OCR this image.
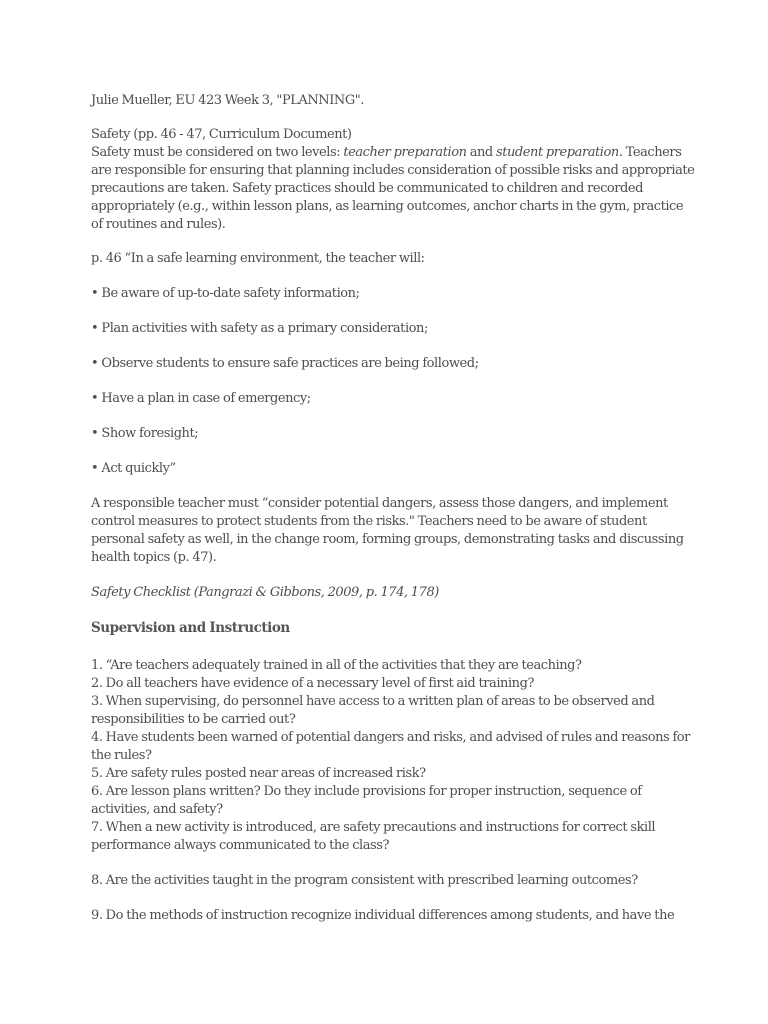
Julie Mueller, EU 423 Week 3, "PLANNING".

Safety (pp. 46 - 47, Curriculum Document)

Safety must be considered on two levels: teacher preparation and student preparation. Teachers are responsible for ensuring that planning includes consideration of possible risks and appropriate precautions are taken. Safety practices should be communicated to children and recorded appropriately (e.g., within lesson plans, as learning outcomes, anchor charts in the gym, practice of routines and rules).

p. 46 “In a safe learning environment, the teacher will:

• Be aware of up-to-date safety information;

• Plan activities with safety as a primary consideration;

• Observe students to ensure safe practices are being followed;

• Have a plan in case of emergency;

• Show foresight;

• Act quickly”

A responsible teacher must “consider potential dangers, assess those dangers, and implement control measures to protect students from the risks." Teachers need to be aware of student personal safety as well, in the change room, forming groups, demonstrating tasks and discussing health topics (p. 47).

Safety Checklist (Pangrazi & Gibbons, 2009, p. 174, 178)

Supervision and Instruction

1. “Are teachers adequately trained in all of the activities that they are teaching?

2. Do all teachers have evidence of a necessary level of first aid training?

3. When supervising, do personnel have access to a written plan of areas to be observed and responsibilities to be carried out?

4. Have students been warned of potential dangers and risks, and advised of rules and reasons for the rules?

5. Are safety rules posted near areas of increased risk?

6. Are lesson plans written? Do they include provisions for proper instruction, sequence of activities, and safety?

7. When a new activity is introduced, are safety precautions and instructions for correct skill performance always communicated to the class?

8. Are the activities taught in the program consistent with prescribed learning outcomes?

9. Do the methods of instruction recognize individual differences among students, and have the
